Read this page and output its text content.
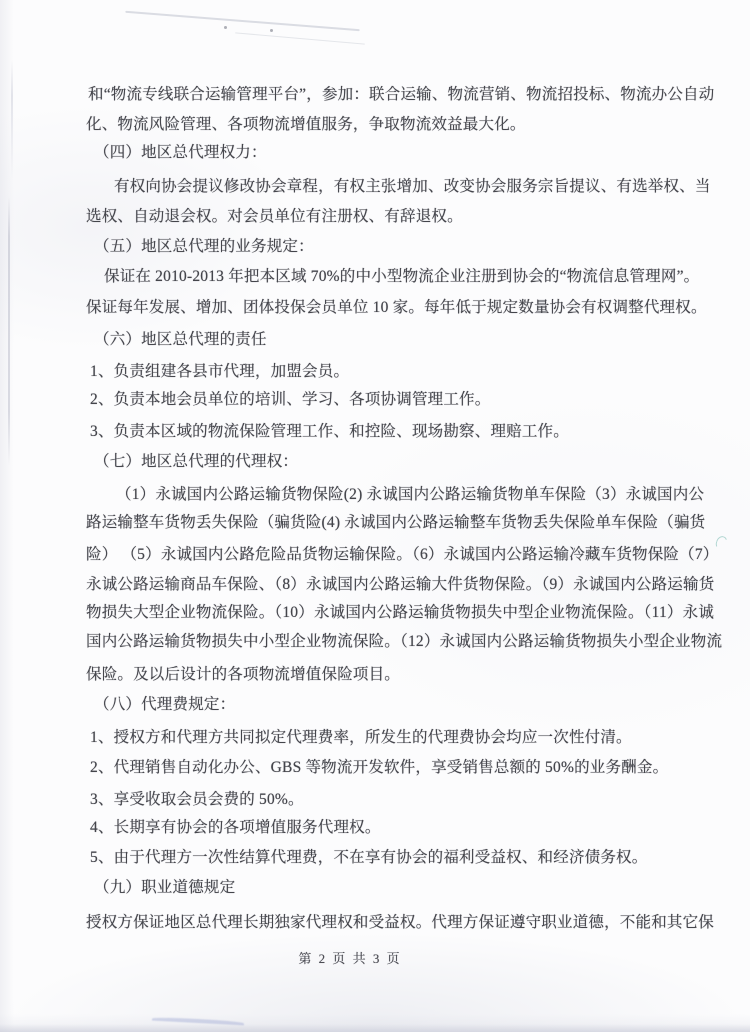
和“物流专线联合运输管理平台”，参加：联合运输、物流营销、物流招投标、物流办公自动
化、物流风险管理、各项物流增值服务，争取物流效益最大化。
（四）地区总代理权力：
有权向协会提议修改协会章程，有权主张增加、改变协会服务宗旨提议、有选举权、当
选权、自动退会权。对会员单位有注册权、有辞退权。
（五）地区总代理的业务规定：
保证在 2010-2013 年把本区域 70%的中小型物流企业注册到协会的“物流信息管理网”。
保证每年发展、增加、团体投保会员单位 10 家。每年低于规定数量协会有权调整代理权。
（六）地区总代理的责任
1、负责组建各县市代理，加盟会员。
2、负责本地会员单位的培训、学习、各项协调管理工作。
3、负责本区域的物流保险管理工作、和控险、现场勘察、理赔工作。
（七）地区总代理的代理权：
（1）永诚国内公路运输货物保险(2) 永诚国内公路运输货物单车保险（3）永诚国内公
路运输整车货物丢失保险（骗货险(4) 永诚国内公路运输整车货物丢失保险单车保险（骗货
险） （5）永诚国内公路危险品货物运输保险。（6）永诚国内公路运输冷藏车货物保险（7）
永诚公路运输商品车保险、（8）永诚国内公路运输大件货物保险。（9）永诚国内公路运输货
物损失大型企业物流保险。（10）永诚国内公路运输货物损失中型企业物流保险。（11）永诚
国内公路运输货物损失中小型企业物流保险。（12）永诚国内公路运输货物损失小型企业物流
保险。及以后设计的各项物流增值保险项目。
（八）代理费规定：
1、授权方和代理方共同拟定代理费率，所发生的代理费协会均应一次性付清。
2、代理销售自动化办公、GBS 等物流开发软件，享受销售总额的 50%的业务酬金。
3、享受收取会员会费的 50%。
4、长期享有协会的各项增值服务代理权。
5、由于代理方一次性结算代理费，不在享有协会的福利受益权、和经济债务权。
（九）职业道德规定
授权方保证地区总代理长期独家代理权和受益权。代理方保证遵守职业道德，不能和其它保
第 2 页 共 3 页
